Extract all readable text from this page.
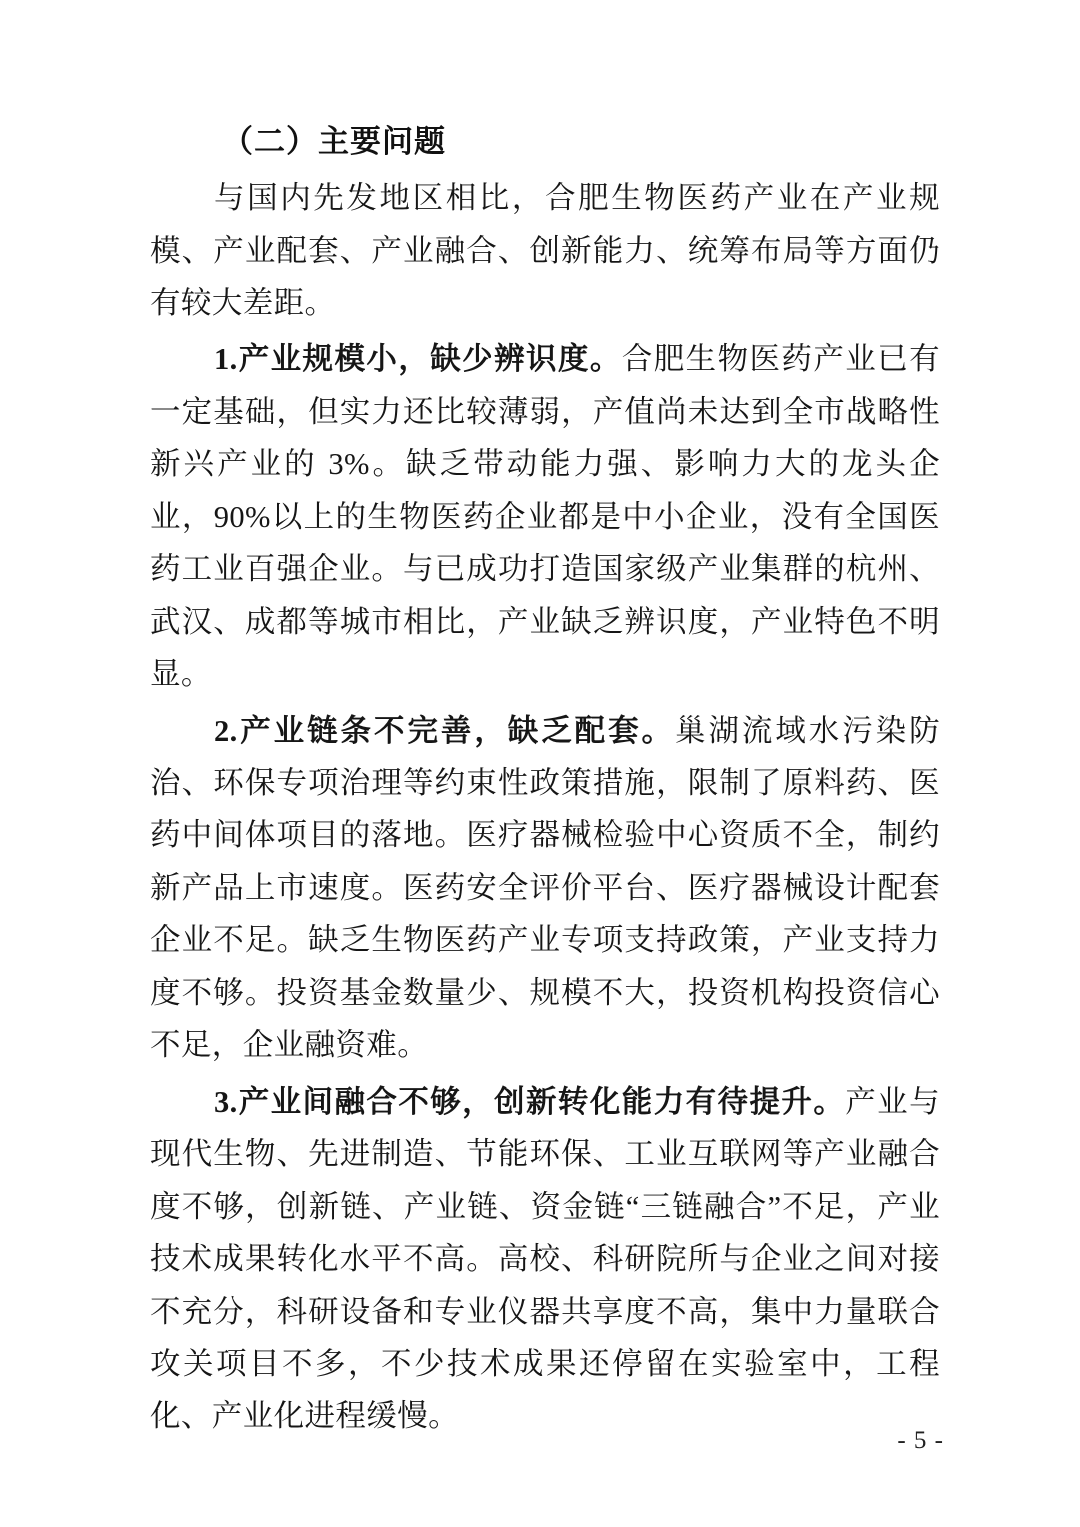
（二）主要问题

与国内先发地区相比，合肥生物医药产业在产业规模、产业配套、产业融合、创新能力、统筹布局等方面仍有较大差距。

1.产业规模小，缺少辨识度。合肥生物医药产业已有一定基础，但实力还比较薄弱，产值尚未达到全市战略性新兴产业的 3%。缺乏带动能力强、影响力大的龙头企业，90%以上的生物医药企业都是中小企业，没有全国医药工业百强企业。与已成功打造国家级产业集群的杭州、武汉、成都等城市相比，产业缺乏辨识度，产业特色不明显。

2.产业链条不完善，缺乏配套。巢湖流域水污染防治、环保专项治理等约束性政策措施，限制了原料药、医药中间体项目的落地。医疗器械检验中心资质不全，制约新产品上市速度。医药安全评价平台、医疗器械设计配套企业不足。缺乏生物医药产业专项支持政策，产业支持力度不够。投资基金数量少、规模不大，投资机构投资信心不足，企业融资难。

3.产业间融合不够，创新转化能力有待提升。产业与现代生物、先进制造、节能环保、工业互联网等产业融合度不够，创新链、产业链、资金链“三链融合”不足，产业技术成果转化水平不高。高校、科研院所与企业之间对接不充分，科研设备和专业仪器共享度不高，集中力量联合攻关项目不多，不少技术成果还停留在实验室中，工程化、产业化进程缓慢。

- 5 -
